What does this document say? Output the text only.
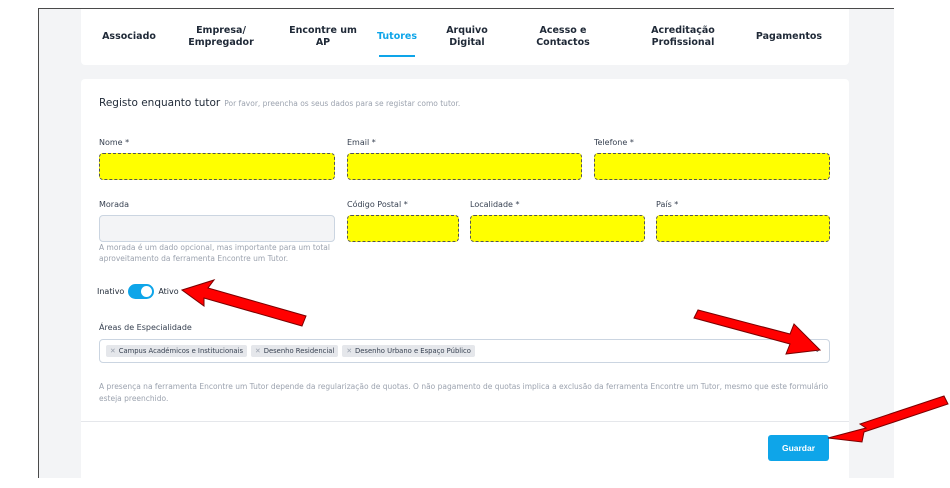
Associado
Empresa/
Empregador
Encontre um
AP
Tutores
Arquivo
Digital
Acesso e
Contactos
Acreditação
Profissional
Pagamentos
Registo enquanto tutor Por favor, preencha os seus dados para se registar como tutor.
Nome *	Email *	Telefone *
Morada
A morada é um dado opcional, mas importante para um total aproveitamento da ferramenta Encontre um Tutor.
Código Postal *	Localidade *	País *
Inativo	Ativo
Áreas de Especialidade
✕ Campus Académicos e Institucionais ✕ Desenho Residencial ✕ Desenho Urbano e Espaço Público
A presença na ferramenta Encontre um Tutor depende da regularização de quotas. O não pagamento de quotas implica a exclusão da ferramenta Encontre um Tutor, mesmo que este formulário esteja preenchido.
Guardar
